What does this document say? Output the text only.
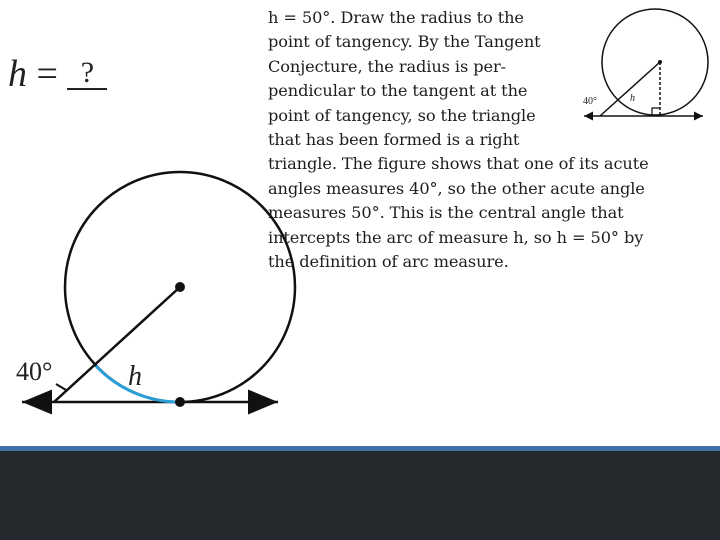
h = ?
h = 50°. Draw the radius to the
point of tangency. By the Tangent
Conjecture, the radius is per-
pendicular to the tangent at the
point of tangency, so the triangle
that has been formed is a right
triangle. The figure shows that one of its acute
angles measures 40°, so the other acute angle
measures 50°. This is the central angle that
intercepts the arc of measure h, so h = 50° by
the definition of arc measure.
40°	h
40°	h
